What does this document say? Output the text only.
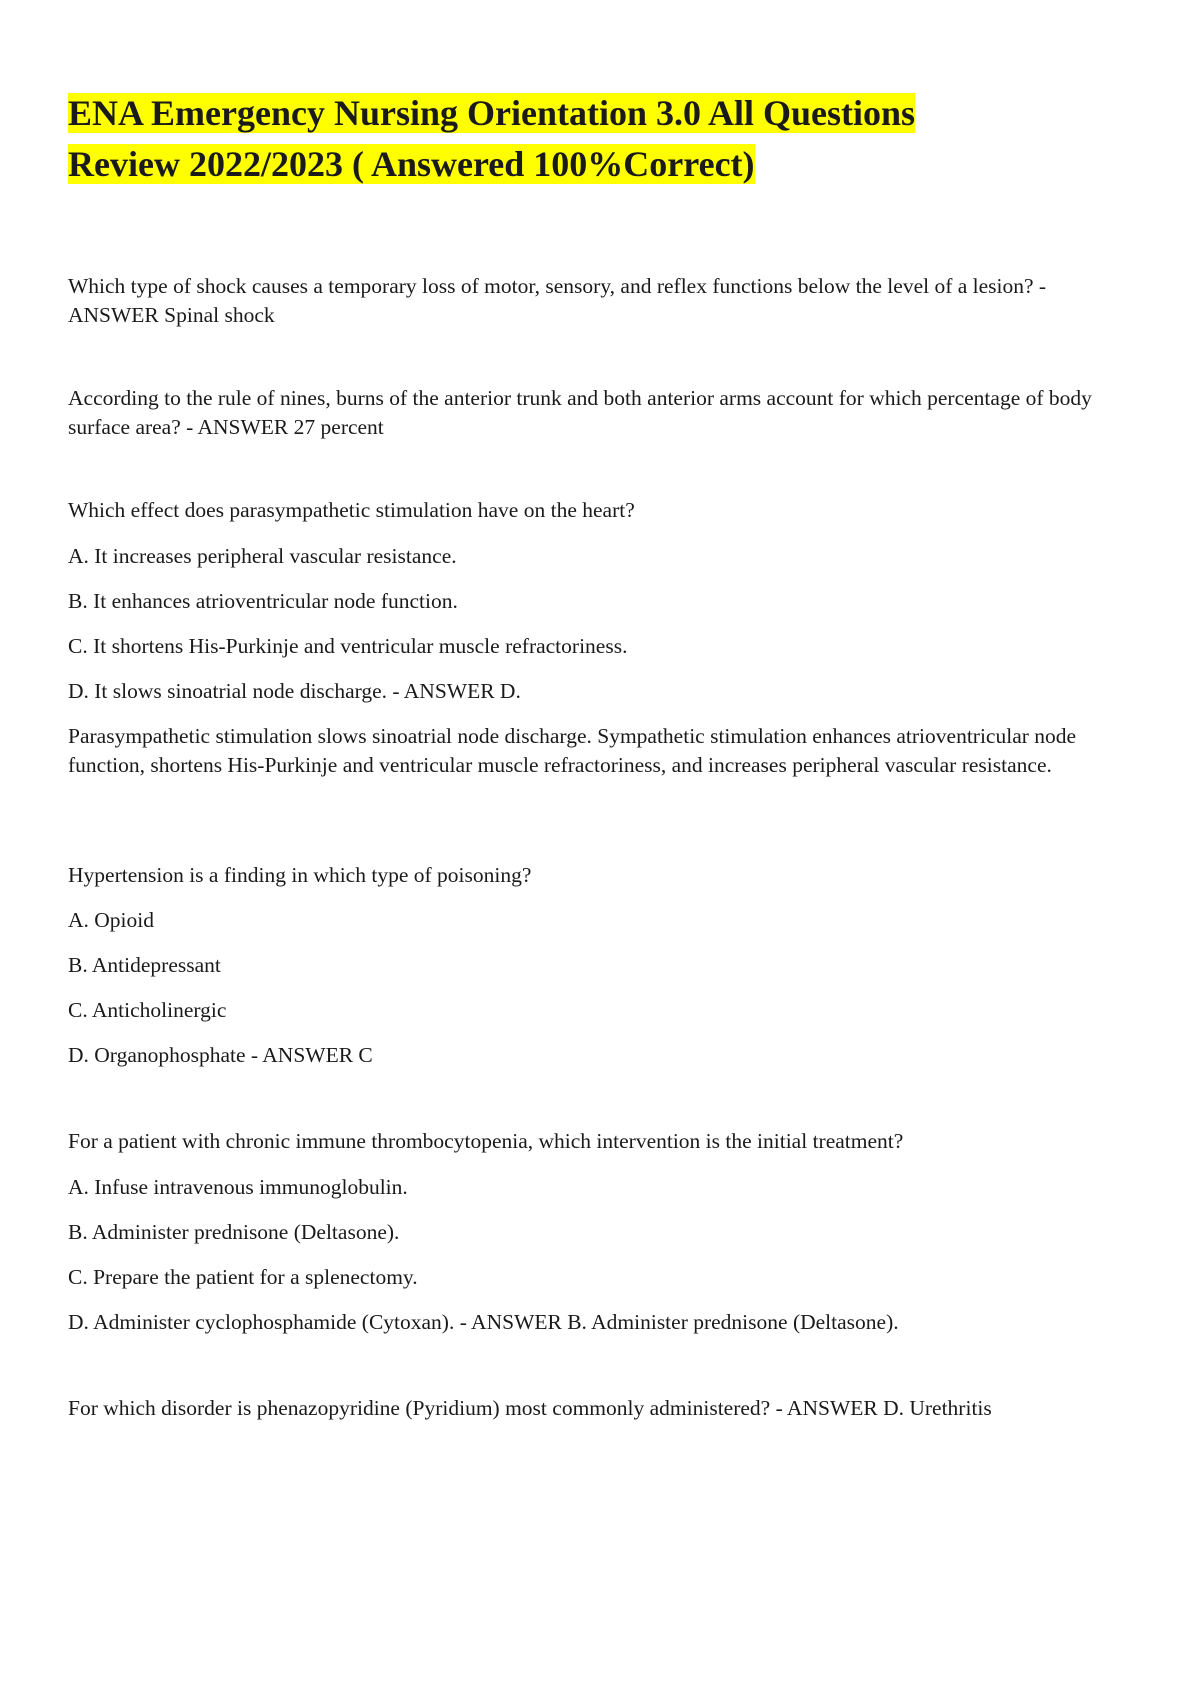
ENA Emergency Nursing Orientation 3.0 All Questions
Review 2022/2023 ( Answered 100%Correct)

Which type of shock causes a temporary loss of motor, sensory, and reflex functions below the level of a lesion? - ANSWER Spinal shock

According to the rule of nines, burns of the anterior trunk and both anterior arms account for which percentage of body surface area? - ANSWER 27 percent

Which effect does parasympathetic stimulation have on the heart?

A. It increases peripheral vascular resistance.
B. It enhances atrioventricular node function.
C. It shortens His-Purkinje and ventricular muscle refractoriness.
D. It slows sinoatrial node discharge. - ANSWER D.
Parasympathetic stimulation slows sinoatrial node discharge. Sympathetic stimulation enhances atrioventricular node function, shortens His-Purkinje and ventricular muscle refractoriness, and increases peripheral vascular resistance.

Hypertension is a finding in which type of poisoning?

A. Opioid
B. Antidepressant
C. Anticholinergic
D. Organophosphate - ANSWER C

For a patient with chronic immune thrombocytopenia, which intervention is the initial treatment?

A. Infuse intravenous immunoglobulin.
B. Administer prednisone (Deltasone).
C. Prepare the patient for a splenectomy.
D. Administer cyclophosphamide (Cytoxan). - ANSWER B. Administer prednisone (Deltasone).

For which disorder is phenazopyridine (Pyridium) most commonly administered? - ANSWER D. Urethritis
